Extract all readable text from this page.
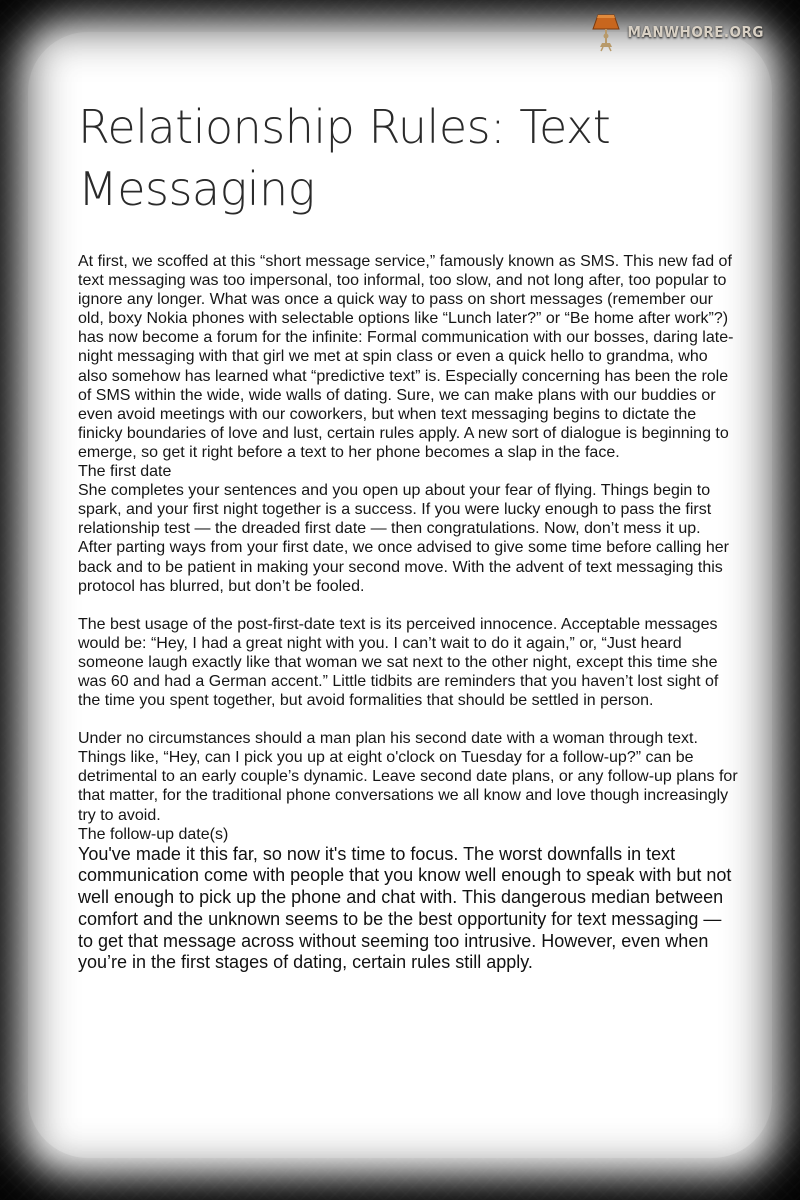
MANWHORE.ORG
Relationship Rules: Text
Messaging

At first, we scoffed at this “short message service,” famously known as SMS. This new fad of text messaging was too impersonal, too informal, too slow, and not long after, too popular to ignore any longer. What was once a quick way to pass on short messages (remember our old, boxy Nokia phones with selectable options like “Lunch later?” or “Be home after work”?) has now become a forum for the infinite: Formal communication with our bosses, daring late-night messaging with that girl we met at spin class or even a quick hello to grandma, who also somehow has learned what “predictive text” is. Especially concerning has been the role of SMS within the wide, wide walls of dating. Sure, we can make plans with our buddies or even avoid meetings with our coworkers, but when text messaging begins to dictate the finicky boundaries of love and lust, certain rules apply. A new sort of dialogue is beginning to emerge, so get it right before a text to her phone becomes a slap in the face.

The first date

She completes your sentences and you open up about your fear of flying. Things begin to spark, and your first night together is a success. If you were lucky enough to pass the first relationship test — the dreaded first date — then congratulations. Now, don’t mess it up.

After parting ways from your first date, we once advised to give some time before calling her back and to be patient in making your second move. With the advent of text messaging this protocol has blurred, but don’t be fooled.

The best usage of the post-first-date text is its perceived innocence. Acceptable messages would be: “Hey, I had a great night with you. I can’t wait to do it again,” or, “Just heard someone laugh exactly like that woman we sat next to the other night, except this time she was 60 and had a German accent.” Little tidbits are reminders that you haven’t lost sight of the time you spent together, but avoid formalities that should be settled in person.

Under no circumstances should a man plan his second date with a woman through text. Things like, “Hey, can I pick you up at eight o'clock on Tuesday for a follow-up?” can be detrimental to an early couple’s dynamic. Leave second date plans, or any follow-up plans for that matter, for the traditional phone conversations we all know and love though increasingly try to avoid.

The follow-up date(s)

You've made it this far, so now it's time to focus. The worst downfalls in text communication come with people that you know well enough to speak with but not well enough to pick up the phone and chat with. This dangerous median between comfort and the unknown seems to be the best opportunity for text messaging — to get that message across without seeming too intrusive. However, even when you’re in the first stages of dating, certain rules still apply.
